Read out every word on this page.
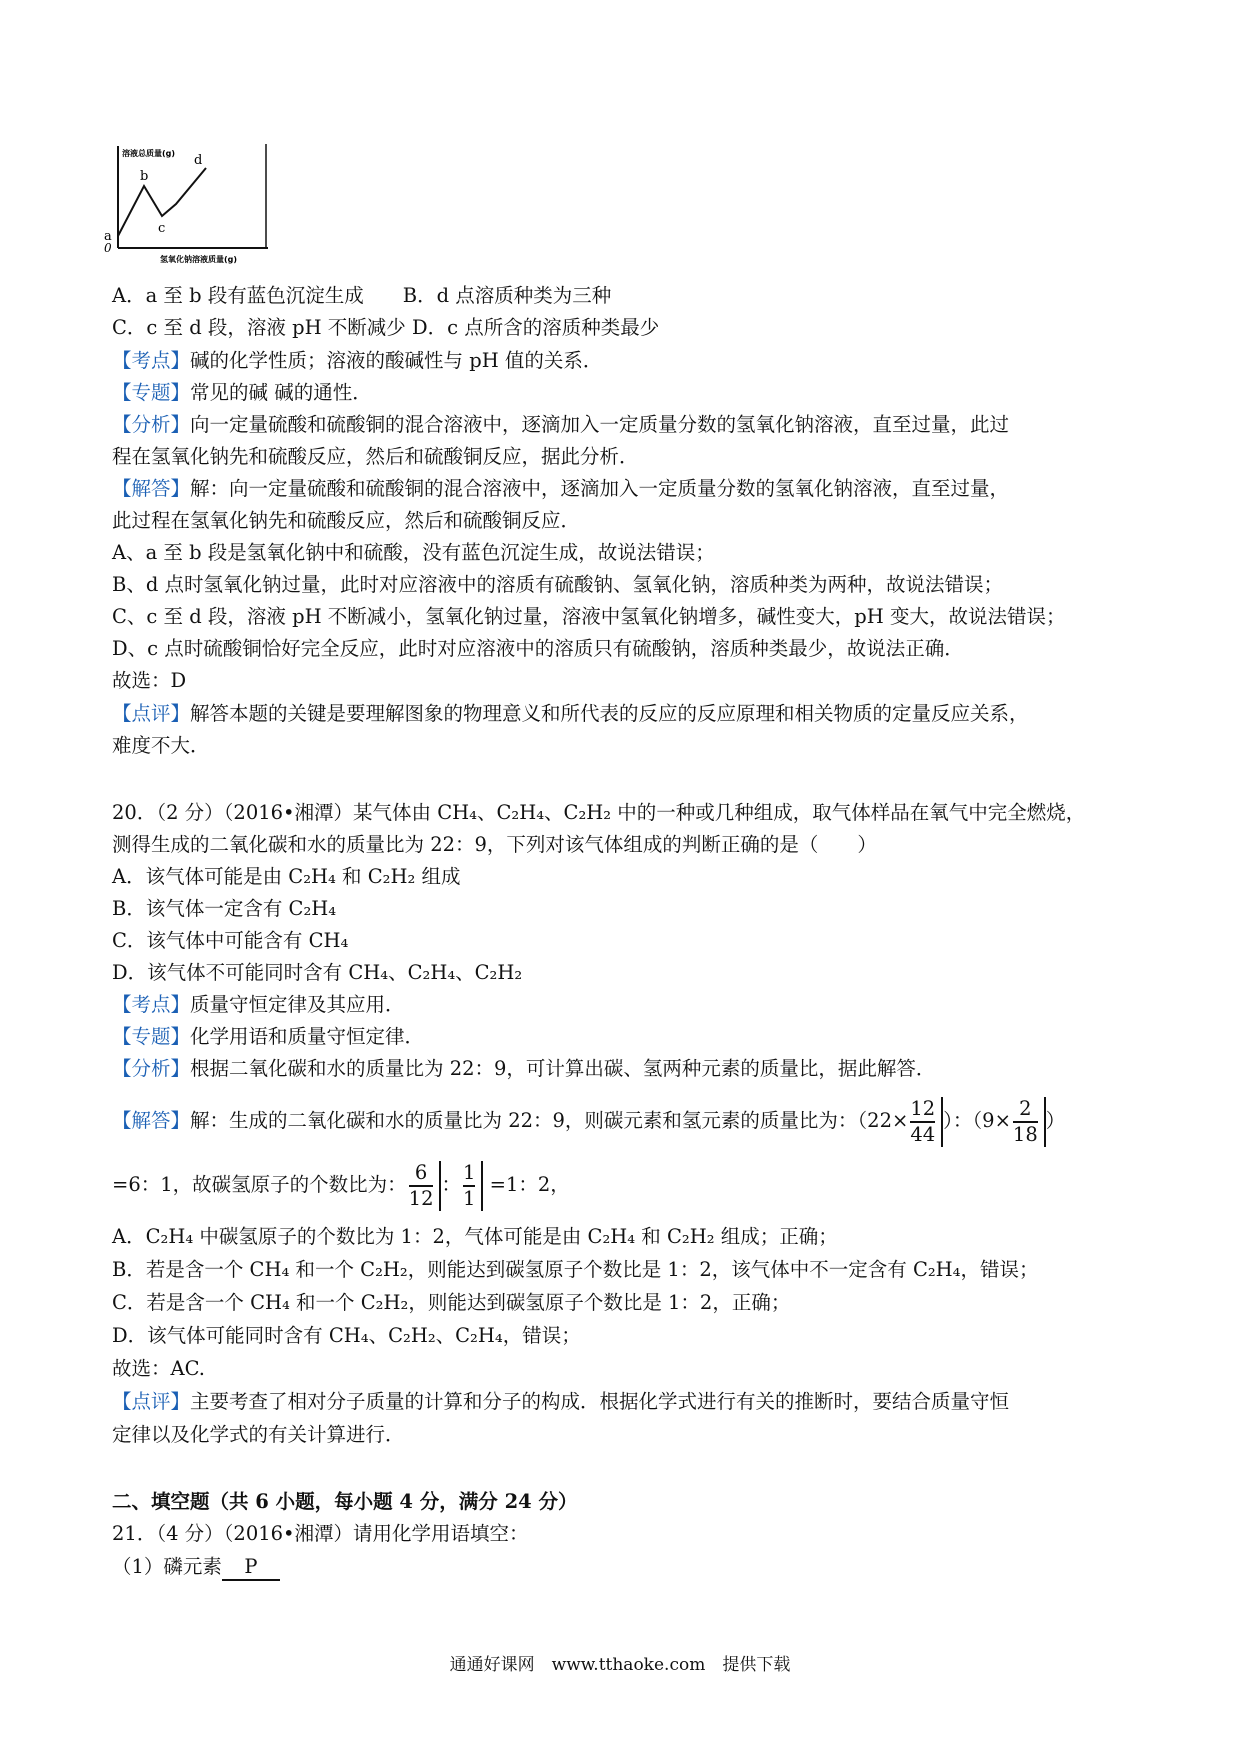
溶液总质量(g)
氢氧化钠溶液质量(g)
0
a
b
c
d
A．a 至 b 段有蓝色沉淀生成　　B．d 点溶质种类为三种
C．c 至 d 段，溶液 pH 不断减少 D．c 点所含的溶质种类最少
【考点】碱的化学性质；溶液的酸碱性与 pH 值的关系．
【专题】常见的碱 碱的通性．
【分析】向一定量硫酸和硫酸铜的混合溶液中，逐滴加入一定质量分数的氢氧化钠溶液，直至过量，此过
程在氢氧化钠先和硫酸反应，然后和硫酸铜反应，据此分析．
【解答】解：向一定量硫酸和硫酸铜的混合溶液中，逐滴加入一定质量分数的氢氧化钠溶液，直至过量，
此过程在氢氧化钠先和硫酸反应，然后和硫酸铜反应．
A、a 至 b 段是氢氧化钠中和硫酸，没有蓝色沉淀生成，故说法错误；
B、d 点时氢氧化钠过量，此时对应溶液中的溶质有硫酸钠、氢氧化钠，溶质种类为两种，故说法错误；
C、c 至 d 段，溶液 pH 不断减小，氢氧化钠过量，溶液中氢氧化钠增多，碱性变大，pH 变大，故说法错误；
D、c 点时硫酸铜恰好完全反应，此时对应溶液中的溶质只有硫酸钠，溶质种类最少，故说法正确．
故选：D
【点评】解答本题的关键是要理解图象的物理意义和所代表的反应的反应原理和相关物质的定量反应关系，
难度不大．
20．（2 分）（2016•湘潭）某气体由 CH₄、C₂H₄、C₂H₂ 中的一种或几种组成，取气体样品在氧气中完全燃烧，
测得生成的二氧化碳和水的质量比为 22：9，下列对该气体组成的判断正确的是（　　）
A．该气体可能是由 C₂H₄ 和 C₂H₂ 组成
B．该气体一定含有 C₂H₄
C．该气体中可能含有 CH₄
D．该气体不可能同时含有 CH₄、C₂H₄、C₂H₂
【考点】质量守恒定律及其应用．
【专题】化学用语和质量守恒定律．
【分析】根据二氧化碳和水的质量比为 22：9，可计算出碳、氢两种元素的质量比，据此解答．
【解答】解：生成的二氧化碳和水的质量比为 22：9，则碳元素和氢元素的质量比为：（$22\times \frac{12}{44}$ ）：（$9\times \frac{2}{18}$ ）
=6：1，故碳氢原子的个数比为： $\frac{6}{12}$ ： $\frac{1}{1} =1$：2，
A．C₂H₄ 中碳氢原子的个数比为 1：2，气体可能是由 C₂H₄ 和 C₂H₂ 组成；正确；
B．若是含一个 CH₄ 和一个 C₂H₂，则能达到碳氢原子个数比是 1：2，该气体中不一定含有 C₂H₄，错误；
C．若是含一个 CH₄ 和一个 C₂H₂，则能达到碳氢原子个数比是 1：2，正确；
D．该气体可能同时含有 CH₄、C₂H₂、C₂H₄，错误；
故选：AC.
【点评】主要考查了相对分子质量的计算和分子的构成．根据化学式进行有关的推断时，要结合质量守恒
定律以及化学式的有关计算进行．
二、填空题（共 6 小题，每小题 4 分，满分 24 分）
21．（4 分）（2016•湘潭）请用化学用语填空：
（1）磷元素 P
通通好课网　www.tthaoke.com　提供下载
